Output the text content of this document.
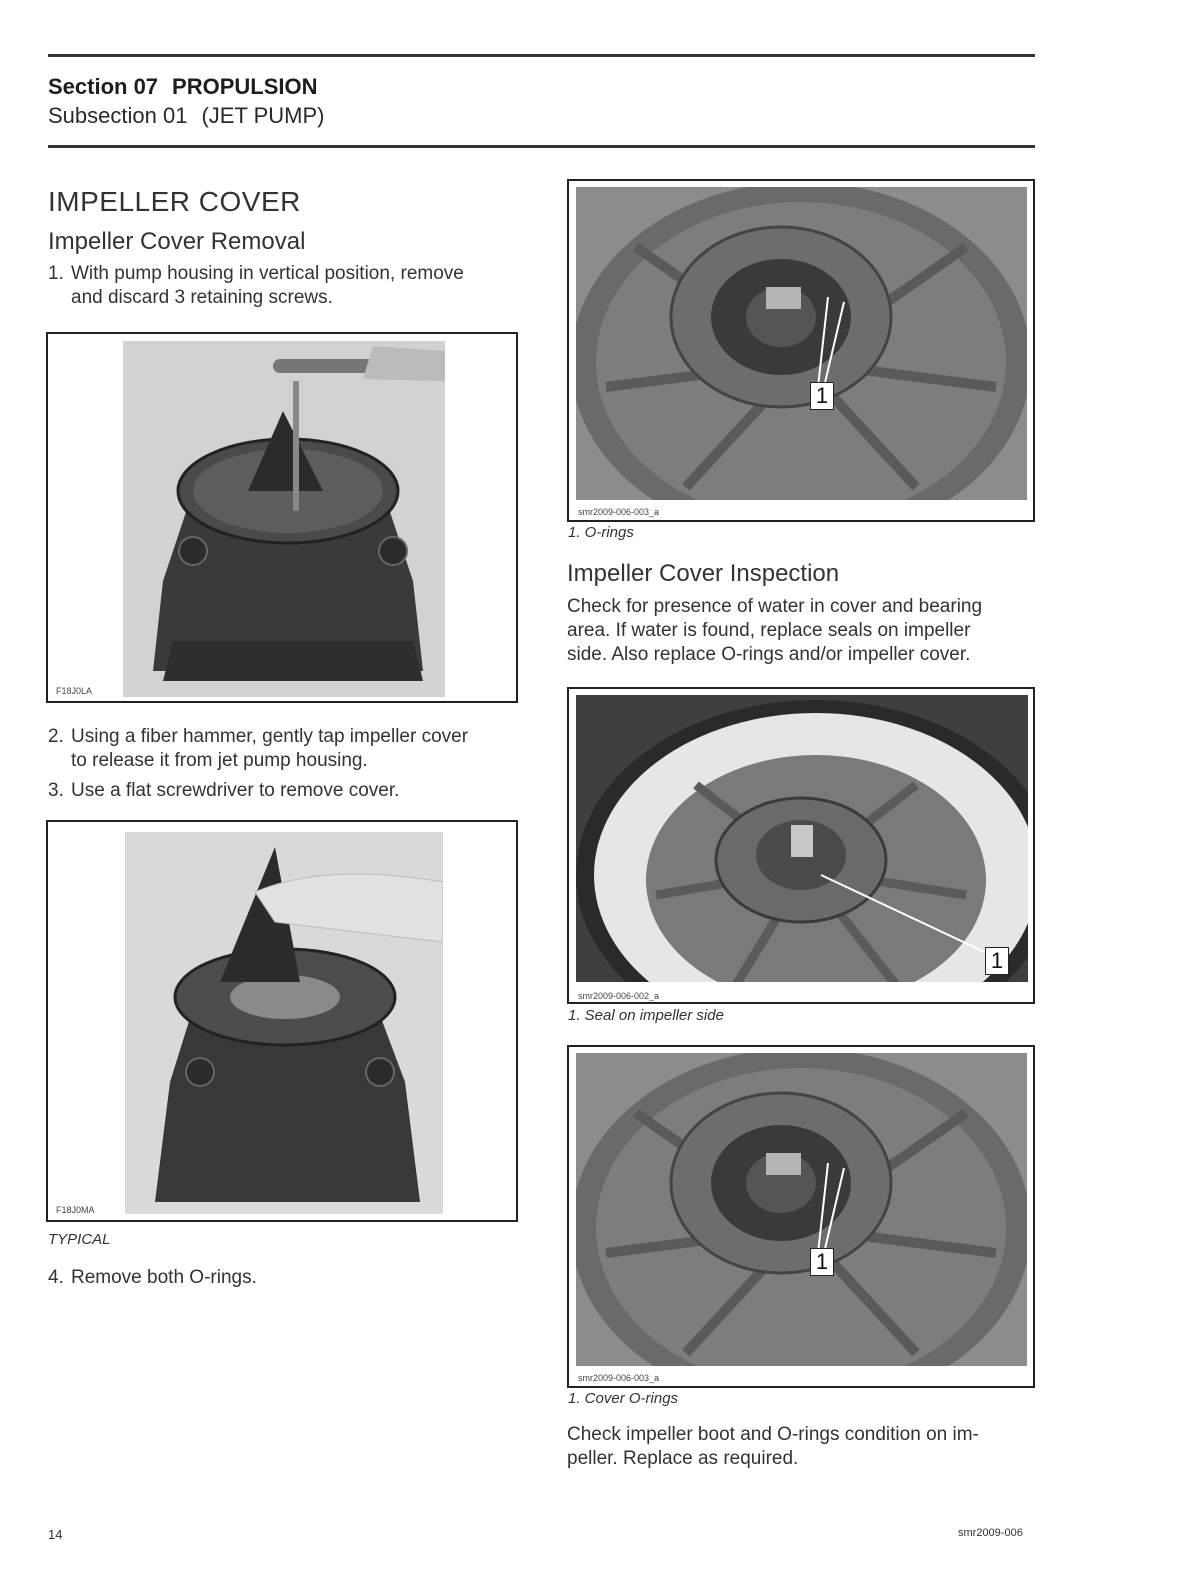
Section 07 PROPULSION
Subsection 01 (JET PUMP)
IMPELLER COVER
Impeller Cover Removal
1. With pump housing in vertical position, remove
and discard 3 retaining screws.
F18J0LA
2. Using a fiber hammer, gently tap impeller cover
to release it from jet pump housing.
3. Use a flat screwdriver to remove cover.
F18J0MA
TYPICAL
4. Remove both O-rings.
1
smr2009-006-003_a
1. O-rings
Impeller Cover Inspection
Check for presence of water in cover and bearing
area. If water is found, replace seals on impeller
side. Also replace O-rings and/or impeller cover.
1
smr2009-006-002_a
1. Seal on impeller side
1
smr2009-006-003_a
1. Cover O-rings
Check impeller boot and O-rings condition on im-
peller. Replace as required.
14	smr2009-006
